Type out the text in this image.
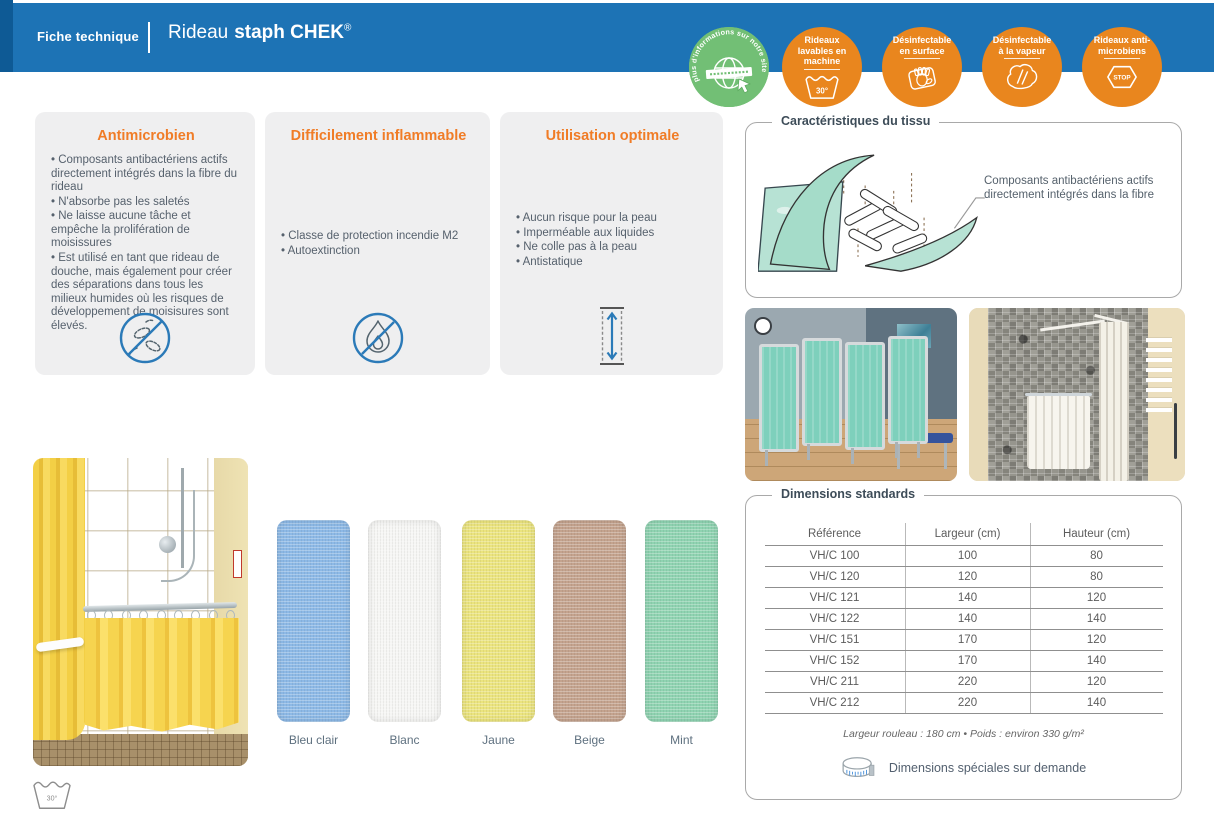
Fiche technique Rideau staph CHEK®
plus d'informations sur notre site
Rideaux lavables en machine
30°
Désinfectable en surface
Désinfectable à la vapeur
Rideaux anti-microbiens
STOP
Antimicrobien
• Composants antibactériens actifs directement intégrés dans la fibre du rideau
• N'absorbe pas les saletés
• Ne laisse aucune tâche et empêche la prolifération de moisissures
• Est utilisé en tant que rideau de douche, mais également pour créer des séparations dans tous les milieux humides où les risques de développement de moisisures sont élevés.
Difficilement inflammable
• Classe de protection incendie M2
• Autoextinction
Utilisation optimale
• Aucun risque pour la peau
• Imperméable aux liquides
• Ne colle pas à la peau
• Antistatique
Caractéristiques du tissu
Composants antibactériens actifs directement intégrés dans la fibre
Bleu clair	Blanc	Jaune	Beige	Mint
30°
Dimensions standards
Référence	Largeur (cm)	Hauteur (cm)
VH/C 100	100	80
VH/C 120	120	80
VH/C 121	140	120
VH/C 122	140	140
VH/C 151	170	120
VH/C 152	170	140
VH/C 211	220	120
VH/C 212	220	140
Largeur rouleau : 180 cm • Poids : environ 330 g/m²
Dimensions spéciales sur demande
